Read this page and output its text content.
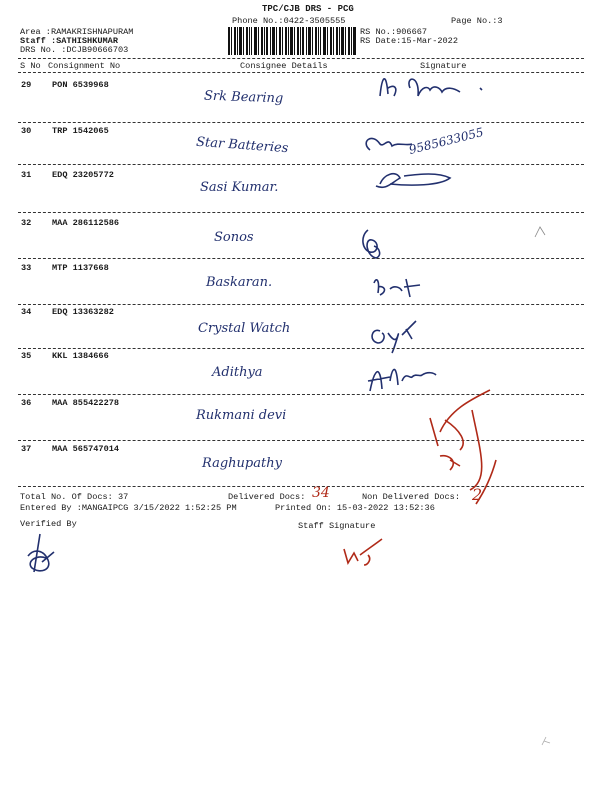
TPC/CJB DRS - PCG
Phone No.:0422-3505555	Page No.:3
Area :RAMAKRISHNAPURAM
Staff :SATHISHKUMAR
DRS No. :DCJB90666703
RS No.:906667
RS Date:15-Mar-2022
S No Consignment No	Consignee Details	Signature
29 PON 6539968
Srk Bearing
30 TRP 1542065
Star Batteries	9585633055
31 EDQ 23205772
Sasi Kumar.
32 MAA 286112586
Sonos
33 MTP 1137668
Baskaran.
34 EDQ 13363282
Crystal Watch
35 KKL 1384666
Adithya
36 MAA 855422278
Rukmani devi
37 MAA 565747014
Raghupathy
Total No. Of Docs: 37	Delivered Docs: 34	Non Delivered Docs: 2
Entered By :MANGAIPCG 3/15/2022 1:52:25 PM	Printed On: 15-03-2022 13:52:36
Verified By	Staff Signature
